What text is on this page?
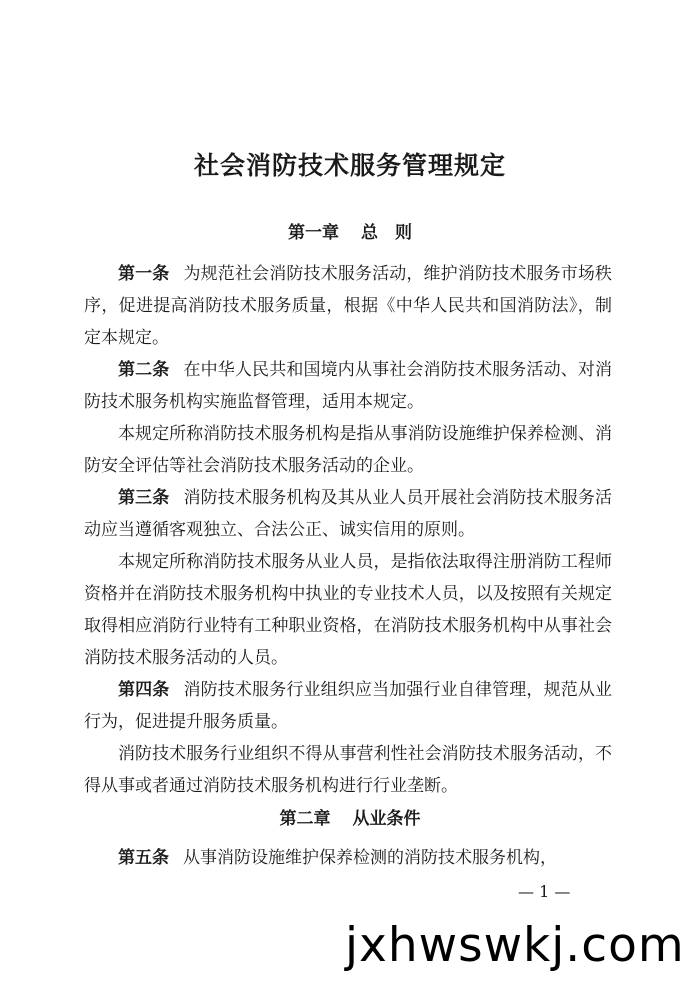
社会消防技术服务管理规定
第一章 总　则

第一条 为规范社会消防技术服务活动，维护消防技术服务市场秩序，促进提高消防技术服务质量，根据《中华人民共和国消防法》，制定本规定。

第二条 在中华人民共和国境内从事社会消防技术服务活动、对消防技术服务机构实施监督管理，适用本规定。

本规定所称消防技术服务机构是指从事消防设施维护保养检测、消防安全评估等社会消防技术服务活动的企业。

第三条 消防技术服务机构及其从业人员开展社会消防技术服务活动应当遵循客观独立、合法公正、诚实信用的原则。

本规定所称消防技术服务从业人员，是指依法取得注册消防工程师资格并在消防技术服务机构中执业的专业技术人员，以及按照有关规定取得相应消防行业特有工种职业资格，在消防技术服务机构中从事社会消防技术服务活动的人员。

第四条 消防技术服务行业组织应当加强行业自律管理，规范从业行为，促进提升服务质量。

消防技术服务行业组织不得从事营利性社会消防技术服务活动，不得从事或者通过消防技术服务机构进行行业垄断。

第二章 从业条件

第五条 从事消防设施维护保养检测的消防技术服务机构，

— 1 —
jxhwswkj.com
